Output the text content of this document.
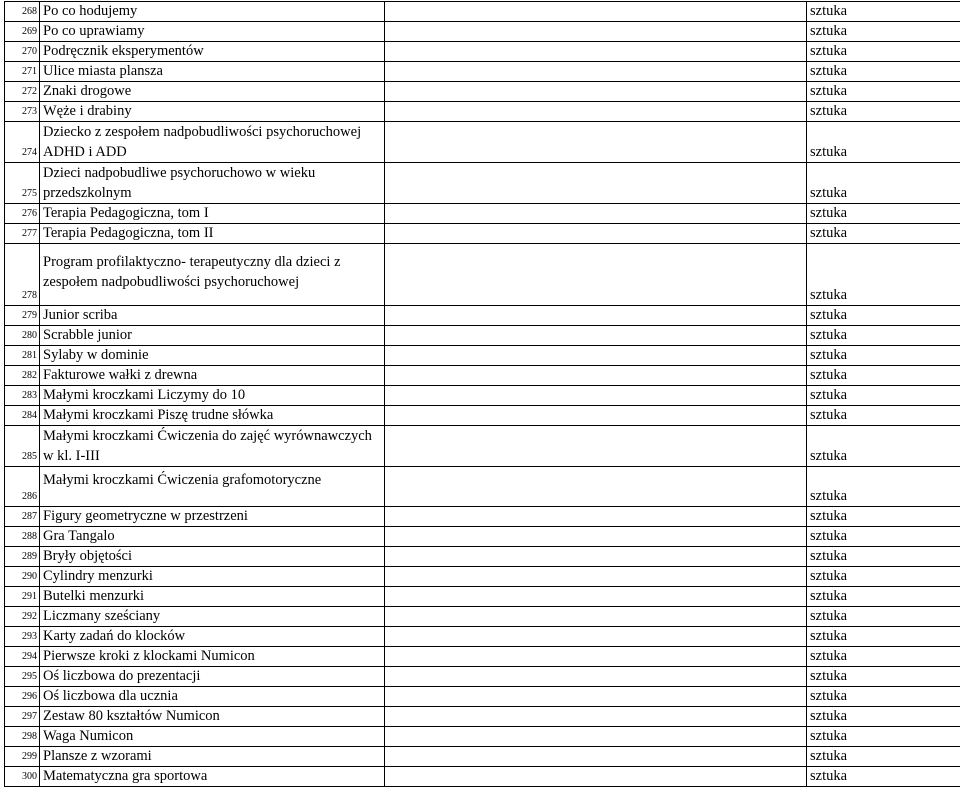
268	Po co hodujemy		sztuka
269	Po co uprawiamy		sztuka
270	Podręcznik eksperymentów		sztuka
271	Ulice miasta plansza		sztuka
272	Znaki drogowe		sztuka
273	Węże i drabiny		sztuka
274	Dziecko z zespołem nadpobudliwości psychoruchowej ADHD i ADD		sztuka
275	Dzieci nadpobudliwe psychoruchowo w wieku przedszkolnym		sztuka
276	Terapia Pedagogiczna, tom I		sztuka
277	Terapia Pedagogiczna, tom II		sztuka
278	Program profilaktyczno- terapeutyczny dla dzieci z zespołem nadpobudliwości psychoruchowej		sztuka
279	Junior scriba		sztuka
280	Scrabble junior		sztuka
281	Sylaby w dominie		sztuka
282	Fakturowe wałki z drewna		sztuka
283	Małymi kroczkami Liczymy do 10		sztuka
284	Małymi kroczkami Piszę trudne słówka		sztuka
285	Małymi kroczkami Ćwiczenia do zajęć wyrównawczych w kl. I-III		sztuka
286	Małymi kroczkami Ćwiczenia grafomotoryczne		sztuka
287	Figury geometryczne w przestrzeni		sztuka
288	Gra Tangalo		sztuka
289	Bryły objętości		sztuka
290	Cylindry menzurki		sztuka
291	Butelki menzurki		sztuka
292	Liczmany sześciany		sztuka
293	Karty zadań do klocków		sztuka
294	Pierwsze kroki z klockami Numicon		sztuka
295	Oś liczbowa do prezentacji		sztuka
296	Oś liczbowa dla ucznia		sztuka
297	Zestaw 80 kształtów Numicon		sztuka
298	Waga Numicon		sztuka
299	Plansze z wzorami		sztuka
300	Matematyczna gra sportowa		sztuka
